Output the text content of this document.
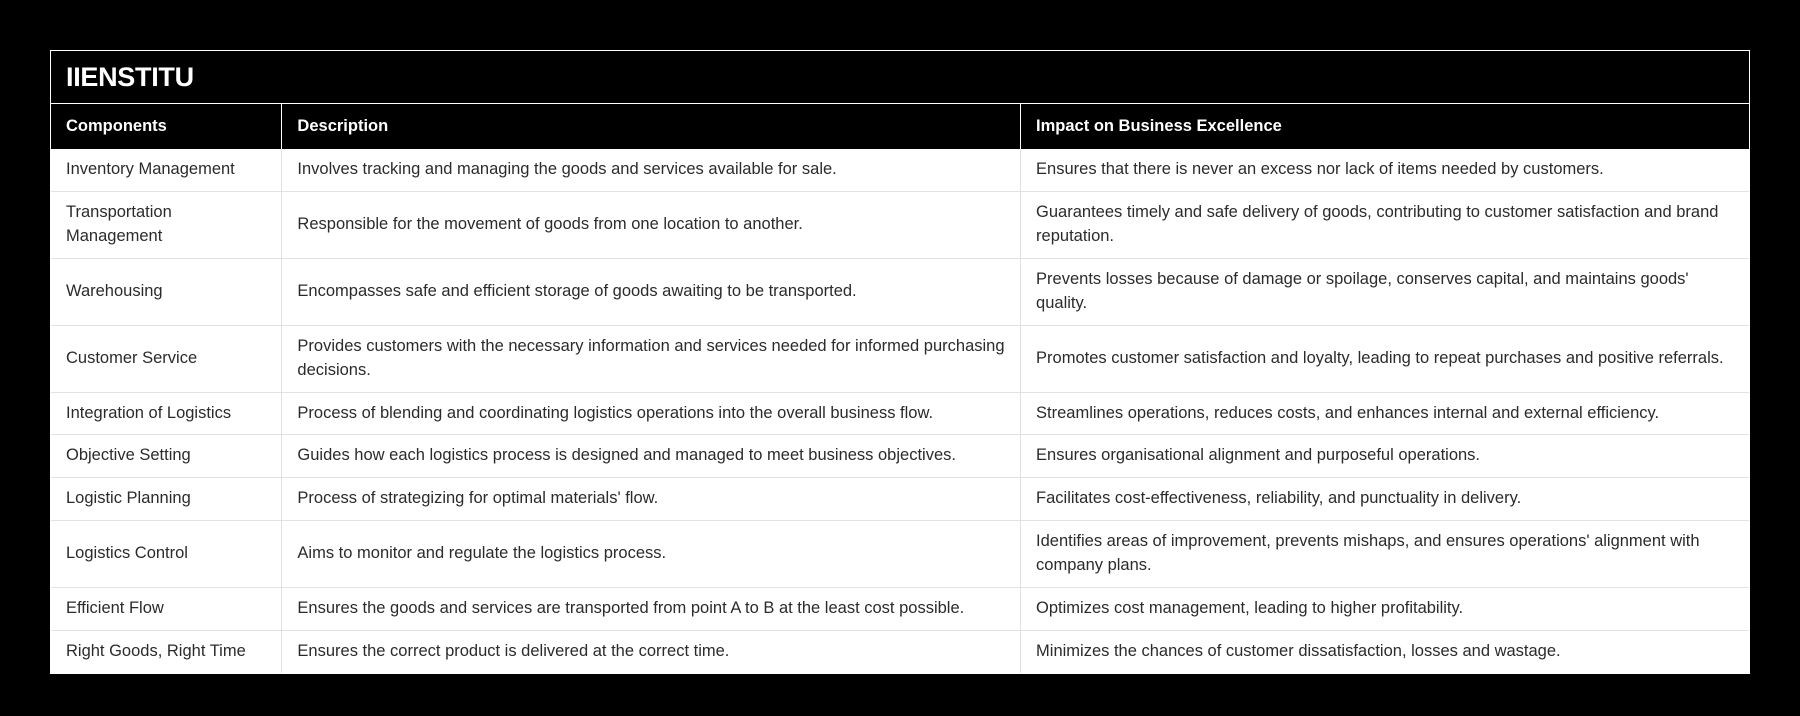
IIENSTITU
Components	Description	Impact on Business Excellence
Inventory Management	Involves tracking and managing the goods and services available for sale.	Ensures that there is never an excess nor lack of items needed by customers.
Transportation Management	Responsible for the movement of goods from one location to another.	Guarantees timely and safe delivery of goods, contributing to customer satisfaction and brand reputation.
Warehousing	Encompasses safe and efficient storage of goods awaiting to be transported.	Prevents losses because of damage or spoilage, conserves capital, and maintains goods' quality.
Customer Service	Provides customers with the necessary information and services needed for informed purchasing decisions.	Promotes customer satisfaction and loyalty, leading to repeat purchases and positive referrals.
Integration of Logistics	Process of blending and coordinating logistics operations into the overall business flow.	Streamlines operations, reduces costs, and enhances internal and external efficiency.
Objective Setting	Guides how each logistics process is designed and managed to meet business objectives.	Ensures organisational alignment and purposeful operations.
Logistic Planning	Process of strategizing for optimal materials' flow.	Facilitates cost-effectiveness, reliability, and punctuality in delivery.
Logistics Control	Aims to monitor and regulate the logistics process.	Identifies areas of improvement, prevents mishaps, and ensures operations' alignment with company plans.
Efficient Flow	Ensures the goods and services are transported from point A to B at the least cost possible.	Optimizes cost management, leading to higher profitability.
Right Goods, Right Time	Ensures the correct product is delivered at the correct time.	Minimizes the chances of customer dissatisfaction, losses and wastage.
